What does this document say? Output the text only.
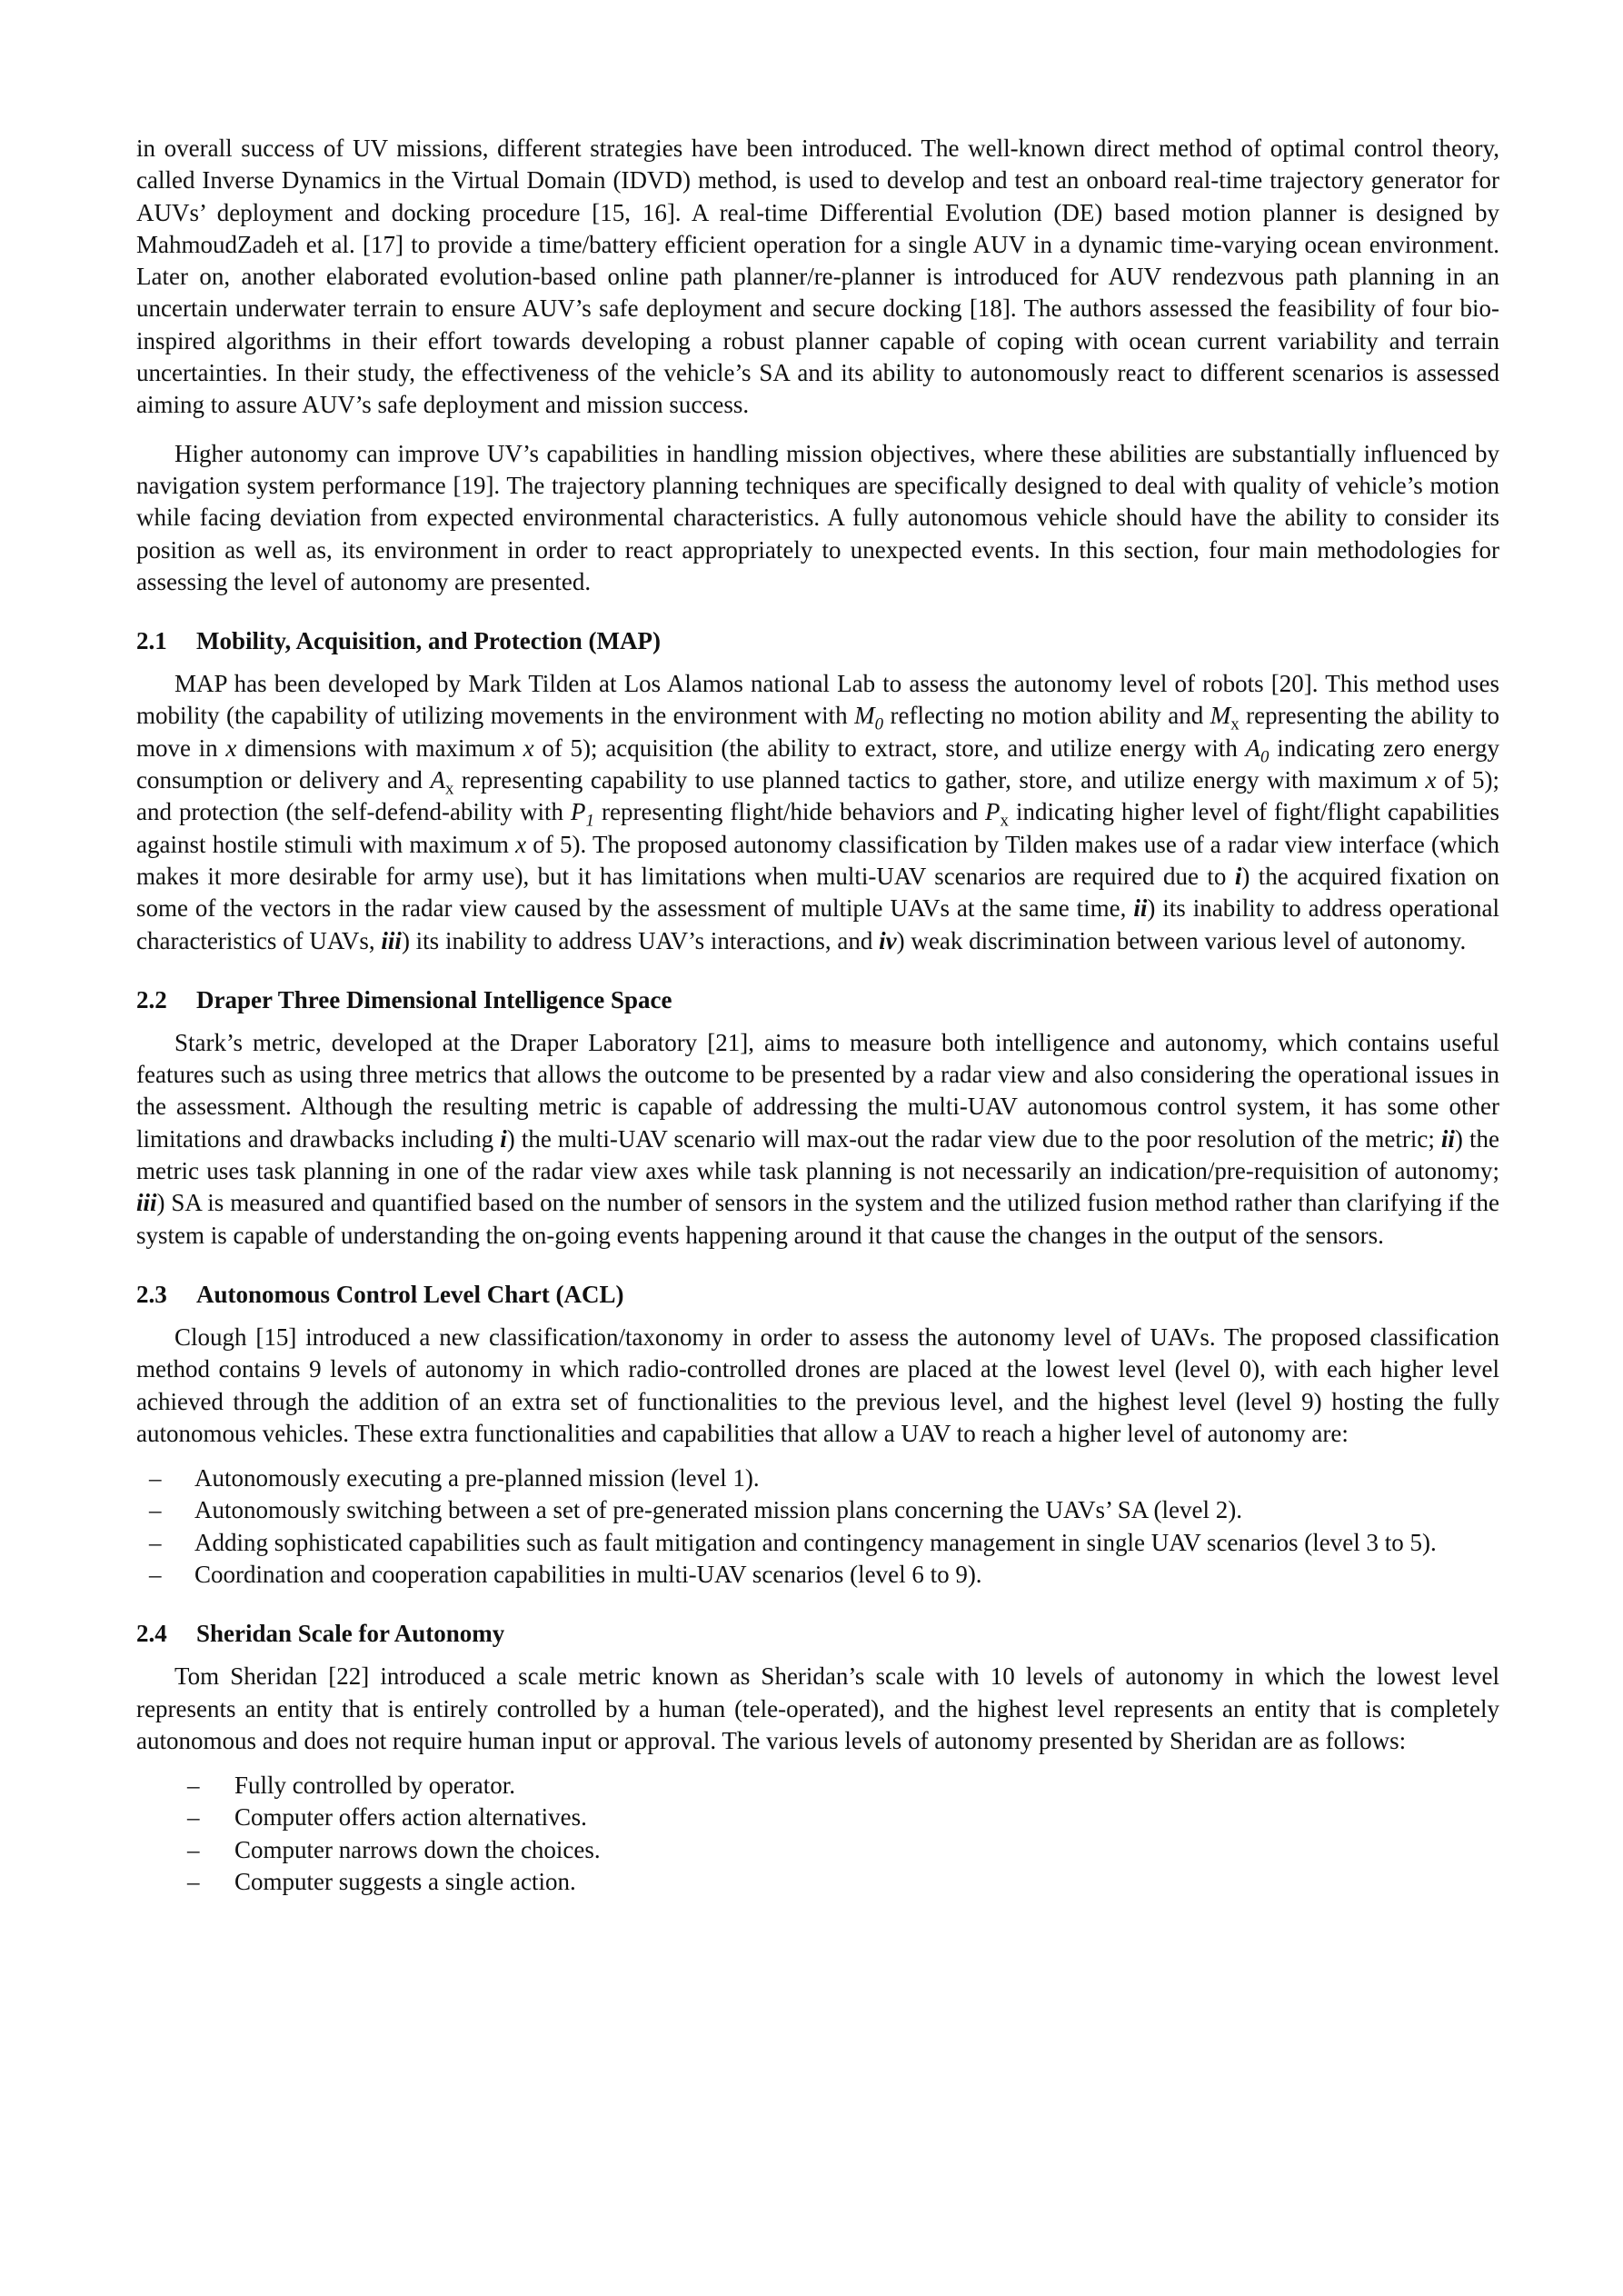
in overall success of UV missions, different strategies have been introduced. The well-known direct method of optimal control theory, called Inverse Dynamics in the Virtual Domain (IDVD) method, is used to develop and test an onboard real-time trajectory generator for AUVs’ deployment and docking procedure [15, 16]. A real-time Differential Evolution (DE) based motion planner is designed by MahmoudZadeh et al. [17] to provide a time/battery efficient operation for a single AUV in a dynamic time-varying ocean environment. Later on, another elaborated evolution-based online path planner/re-planner is introduced for AUV rendezvous path planning in an uncertain underwater terrain to ensure AUV’s safe deployment and secure docking [18]. The authors assessed the feasibility of four bio-inspired algorithms in their effort towards developing a robust planner capable of coping with ocean current variability and terrain uncertainties. In their study, the effectiveness of the vehicle’s SA and its ability to autonomously react to different scenarios is assessed aiming to assure AUV’s safe deployment and mission success.

Higher autonomy can improve UV’s capabilities in handling mission objectives, where these abilities are substantially influenced by navigation system performance [19]. The trajectory planning techniques are specifically designed to deal with quality of vehicle’s motion while facing deviation from expected environmental characteristics. A fully autonomous vehicle should have the ability to consider its position as well as, its environment in order to react appropriately to unexpected events. In this section, four main methodologies for assessing the level of autonomy are presented.

2.1 Mobility, Acquisition, and Protection (MAP)

MAP has been developed by Mark Tilden at Los Alamos national Lab to assess the autonomy level of robots [20]. This method uses mobility (the capability of utilizing movements in the environment with $M_0$ reflecting no motion ability and $M_x$ representing the ability to move in x dimensions with maximum x of 5); acquisition (the ability to extract, store, and utilize energy with $A_0$ indicating zero energy consumption or delivery and $A_x$ representing capability to use planned tactics to gather, store, and utilize energy with maximum x of 5); and protection (the self-defend-ability with $P_1$ representing flight/hide behaviors and $P_x$ indicating higher level of fight/flight capabilities against hostile stimuli with maximum x of 5). The proposed autonomy classification by Tilden makes use of a radar view interface (which makes it more desirable for army use), but it has limitations when multi-UAV scenarios are required due to i) the acquired fixation on some of the vectors in the radar view caused by the assessment of multiple UAVs at the same time, ii) its inability to address operational characteristics of UAVs, iii) its inability to address UAV’s interactions, and iv) weak discrimination between various level of autonomy.

2.2 Draper Three Dimensional Intelligence Space

Stark’s metric, developed at the Draper Laboratory [21], aims to measure both intelligence and autonomy, which contains useful features such as using three metrics that allows the outcome to be presented by a radar view and also considering the operational issues in the assessment. Although the resulting metric is capable of addressing the multi-UAV autonomous control system, it has some other limitations and drawbacks including i) the multi-UAV scenario will max-out the radar view due to the poor resolution of the metric; ii) the metric uses task planning in one of the radar view axes while task planning is not necessarily an indication/pre-requisition of autonomy; iii) SA is measured and quantified based on the number of sensors in the system and the utilized fusion method rather than clarifying if the system is capable of understanding the on-going events happening around it that cause the changes in the output of the sensors.

2.3 Autonomous Control Level Chart (ACL)

Clough [15] introduced a new classification/taxonomy in order to assess the autonomy level of UAVs. The proposed classification method contains 9 levels of autonomy in which radio-controlled drones are placed at the lowest level (level 0), with each higher level achieved through the addition of an extra set of functionalities to the previous level, and the highest level (level 9) hosting the fully autonomous vehicles. These extra functionalities and capabilities that allow a UAV to reach a higher level of autonomy are:

– Autonomously executing a pre-planned mission (level 1).
– Autonomously switching between a set of pre-generated mission plans concerning the UAVs’ SA (level 2).
– Adding sophisticated capabilities such as fault mitigation and contingency management in single UAV scenarios (level 3 to 5).
– Coordination and cooperation capabilities in multi-UAV scenarios (level 6 to 9).
2.4 Sheridan Scale for Autonomy

Tom Sheridan [22] introduced a scale metric known as Sheridan’s scale with 10 levels of autonomy in which the lowest level represents an entity that is entirely controlled by a human (tele-operated), and the highest level represents an entity that is completely autonomous and does not require human input or approval. The various levels of autonomy presented by Sheridan are as follows:

– Fully controlled by operator.
– Computer offers action alternatives.
– Computer narrows down the choices.
– Computer suggests a single action.
